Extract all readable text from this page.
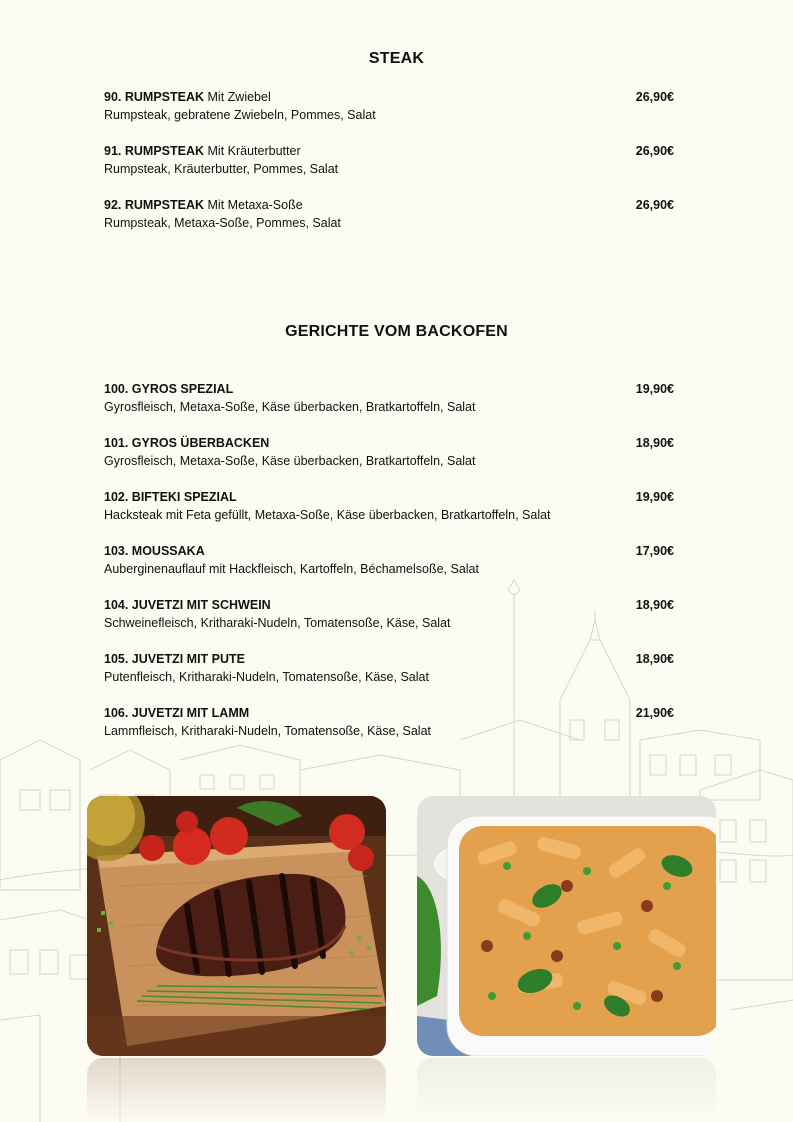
STEAK
90. RUMPSTEAK Mit Zwiebel	26,90€
Rumpsteak, gebratene Zwiebeln, Pommes, Salat
91. RUMPSTEAK Mit Kräuterbutter	26,90€
Rumpsteak, Kräuterbutter, Pommes, Salat
92. RUMPSTEAK Mit Metaxa-Soße	26,90€
Rumpsteak, Metaxa-Soße, Pommes, Salat
GERICHTE VOM BACKOFEN
100. GYROS SPEZIAL	19,90€
Gyrosfleisch, Metaxa-Soße, Käse überbacken, Bratkartoffeln, Salat
101. GYROS ÜBERBACKEN	18,90€
Gyrosfleisch, Metaxa-Soße, Käse überbacken, Bratkartoffeln, Salat
102. BIFTEKI SPEZIAL	19,90€
Hacksteak mit Feta gefüllt, Metaxa-Soße, Käse überbacken, Bratkartoffeln, Salat
103. MOUSSAKA	17,90€
Auberginenauflauf mit Hackfleisch, Kartoffeln, Béchamelsoße, Salat
104. JUVETZI MIT SCHWEIN	18,90€
Schweinefleisch, Kritharaki-Nudeln, Tomatensoße, Käse, Salat
105. JUVETZI MIT PUTE	18,90€
Putenfleisch, Kritharaki-Nudeln, Tomatensoße, Käse, Salat
106. JUVETZI MIT LAMM	21,90€
Lammfleisch, Kritharaki-Nudeln, Tomatensoße, Käse, Salat
